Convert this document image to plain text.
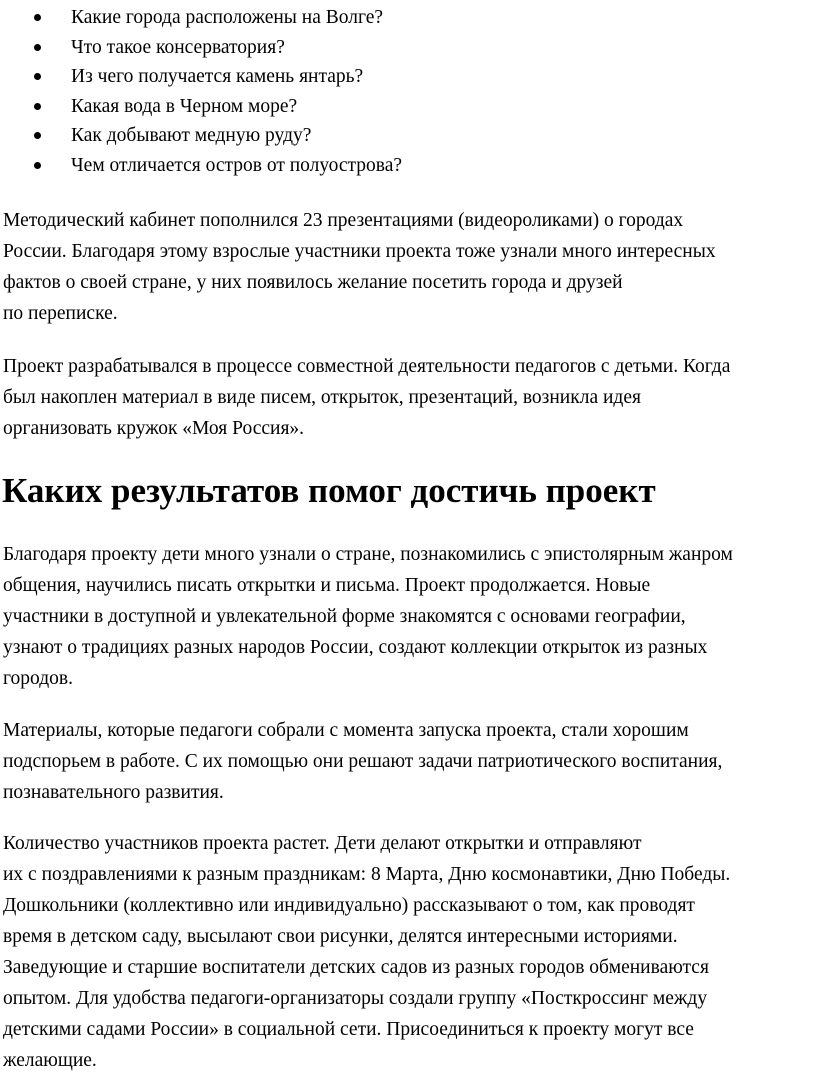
Какие города расположены на Волге?
Что такое консерватория?
Из чего получается камень янтарь?
Какая вода в Черном море?
Как добывают медную руду?
Чем отличается остров от полуострова?

Методический кабинет пополнился 23 презентациями (видеороликами) о городах
России. Благодаря этому взрослые участники проекта тоже узнали много интересных
фактов о своей стране, у них появилось желание посетить города и друзей
по переписке.

Проект разрабатывался в процессе совместной деятельности педагогов с детьми. Когда
был накоплен материал в виде писем, открыток, презентаций, возникла идея
организовать кружок «Моя Россия».

Каких результатов помог достичь проект

Благодаря проекту дети много узнали о стране, познакомились с эпистолярным жанром
общения, научились писать открытки и письма. Проект продолжается. Новые
участники в доступной и увлекательной форме знакомятся с основами географии,
узнают о традициях разных народов России, создают коллекции открыток из разных
городов.

Материалы, которые педагоги собрали с момента запуска проекта, стали хорошим
подспорьем в работе. С их помощью они решают задачи патриотического воспитания,
познавательного развития.

Количество участников проекта растет. Дети делают открытки и отправляют
их с поздравлениями к разным праздникам: 8 Марта, Дню космонавтики, Дню Победы.
Дошкольники (коллективно или индивидуально) рассказывают о том, как проводят
время в детском саду, высылают свои рисунки, делятся интересными историями.
Заведующие и старшие воспитатели детских садов из разных городов обмениваются
опытом. Для удобства педагоги-организаторы создали группу «Посткроссинг между
детскими садами России» в социальной сети. Присоединиться к проекту могут все
желающие.
